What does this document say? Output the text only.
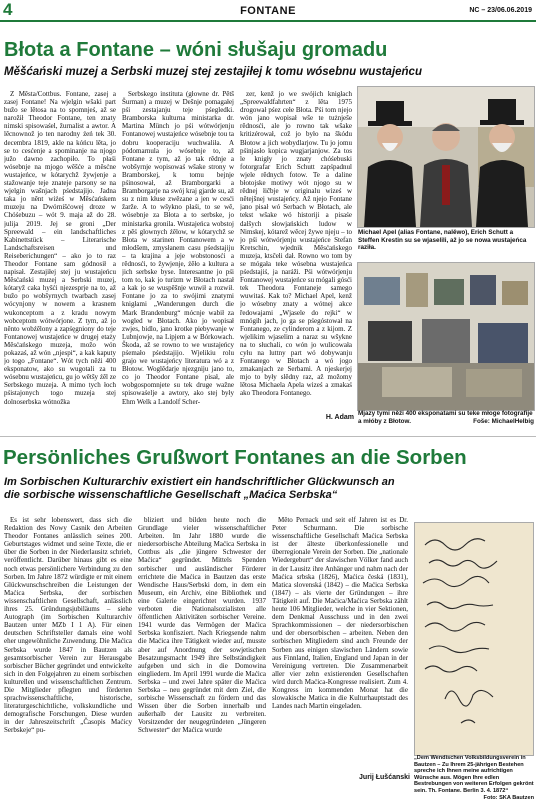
4	FONTANE	NC – 23/06.06.2019
Błota a Fontane – wóni słušaju gromadu
Měšćański muzej a Serbski muzej stej zestajiłej k tomu wósebnu wustajeńcu

Z Města/Cottbus. Fontane, zasej a zasej Fontane! Na wjelgin wšaki part bužo se lětosa na to spomnjeś, až se narožił Theodor Fontane, ten znaty nimski spisowaśel, žurnalist a awtor. A lěcnownož jo ten narodny źeń tek 30. decembra 1819, akle na kóńcu lěta, jo se to cesćenje a spominanje na njogo južo dawno zachopiło. To płaśi wósebnje na mjogo wěšće a měsćne wustajeńce, w kótarychž žywjenje a stažowanje teje znateje parsony se na wjelgin wašnjach pśedstajijo. Jadna taka jo něnt wiźeś w Měsćańskem muzeju na Dwórnišćowej droze w Chóśebuzu – wót 9. maja až do 28. julija 2019. Jej se groni „Der Spreewald – ein landschaftliches Kabinettstück – Literarische Landschaftsreisen und Reiseberichungen“ – ako jo to raz Theodor Fontane sam gódnosił a napisał. Zestajiłej stej ju wustajeńcu Měsćański muzej a Serbski muzej, kótaryž caka hyšći njezesprje na to, až bužo po wobšyrnych twarbach zasej wócynjony w nowem a krasnem wukonceptom a z kradu nowym wobceptom wótwórjone. Z tym, až jo něnto wobźělony a zapśęgniony do teje Fontanowej wustajeńce w drugej etaży Měsćańskego muzeja, možo wón pokazaś, až wón „njespi“, a kak kaputy jo togo „Fontane“. Wót tych něźi 400 eksponatow, ako su wugotali za tu wósebnu wustajeńcu, gu jo wětšy źěl ze Serbskego muzeja. A mimo tych łoch pśistajonych togo muzeja stej dolnoserbska wótnožka

Serbskego instituta (głowne dr. Pětš Šurman) a muzej w Dešnje pomagałej pśi zestajanju teje pśegledki. Bramborska kulturna ministarka dr. Martina Münch jo pśi wótwórjenju Fontanowej wustajeńce wósebnje tou ta dobru kooperaciju wuchwaliła. A pódomarnula jo wósebnje to, až Fontane z tym, až jo tak rědnje a wobšyrnje wopisowaś wšake strony w Bramborskej, k tomu bejnje pśinosował, až Bramborgarki a Bramborgarje na swój kraj gjarde su, až su z nim kłuse zwězane a jen w cesći žarže. A to wšykno płaśi, to se wě, wósebnje za Błota a to serbske, jo ministarka gronila. Wustajeńca wobstoj z pěś glownych źělow, w kótarychž se Błota w starinen Fontanowem a w młodšem, zmysłanem casu pśedstajiju – ta krajina a jeje wobstonosći a rědnosći, to žywjenje, źěło a kultura a jich serbske byse. Interesantne jo pśi tom to, kak jo turizm w Błotach nastał a kak jo se wuspěšnje wuwił a rozwił. Fontane jo za to swójimi znatymi knigłami „Wanderungen durch die Mark Brandenburg“ mócnje wabił za wogled w Błotach. Ako jo wopisał zwjes, bidlo, jano krotke piebywanje w Lubnjowje, na Lipjem a w Bórkowach. Škoda, až se rowno to we wustajeńcy pśemało pśedstajijo. Wjelikiu rolu grajo we wustajeńcy literatura wó a z Błotow. Woglědarje njezgniju jano to, co jo Theodor Fontane pisał, ale wobgospomnjete su tek druge wažne spisowaśelje a awtory, ako stej były Ehm Welk a Landolf Scher-

zer, kenž jo we swójich knigłach „Spreewaldfahrten“ z lěta 1975 drogował pśez cełe Błota. Pśi tom njejo wón jano wopisał wše te tużnješe rědnosći, ale jo rowno tak wšake kritizérował, což jo było na škódu Błotow a jich wobydlarjow. Tu jo jomu pśinjasło kopica wugjarjanjow. Za tos le knigły jo znaty chóśebuski fotorgrafar Erich Schutt zapśpadnul wjele rědnych fotow. Te a daline błotojske motiwy wót njogo su w rědnej łičbje w originalu wiześ w nětejšnej wustajeńcy. Až njejo Fontane jano pisał wó Serbach w Błotach, ale tekst wšake wó historiji a pisaśe dalšych słowjańskich ludow w Nimskej, kótarež wěcej žywe njeju – to jo pśi wótwórjenju wustajeńce Stefan Kretschin, wjednik Měsćańskego muzeja, ktsčeli dał. Rowno wo tom by se mógała teke wósebna wustajeńca pśedstajiś, ja naráži. Pśi wótwórjenju Fontanowej wustajeńce su mógali gósći tek Theodora Fontaneje samego wuwitaś. Kak to? Michael Apel, kenž jo wósebny znaty a wótnej akce ředowajami „Wjasele do rejki“ w mnógih jach, jo ga se pśegóstował na Fontanego, ze cylinderom a z kijom. Z wjelikim wjaselim a naraz su wšykne na to słuchali, co wón jo wulicowała cyłu na luttny part wó dobywanju Fontanego w Błotach a wó jogo zmakanjach ze Serbami. A njeskerjej mjo to były slědny raz, až možomy lětosa Michaela Apela wiześ a zmakaś ako Theodora Fontanego.

H. Adam
Michael Apel (alias Fontane, nalěwo), Erich Schutt a Steffen Krestin su se wjaselili, až jo se nowa wustajeńca raziła.
Mjazy tymi něźi 400 eksponatami su teke młoge fotografije a młóby z Błotow.	Foše: MichaelHelbig
Persönliches Grußwort Fontanes an die Sorben
Im Sorbischen Kulturarchiv existiert ein handschriftlicher Glückwunsch an die sorbische wissenschaftliche Gesellschaft „Maćica Serbska“

Es ist sehr lobenswert, dass sich die Redaktion des Nowy Casnik den Arbeiten Theodor Fontanes anlässlich seines 200. Geburtstages widmet und seine Texte, die er über die Sorben in der Niederlausitz schrieb, veröffentlicht. Darüber hinaus gibt es eine noch etwas persönlichere Verbindung zu den Sorben. Im Jahre 1872 würdigte er mit einem Glückwunschschreiben die Leistungen der Maćica Serbska, der sorbischen wissenschaftlichen Gesellschaft, anlässlich ihres 25. Gründungsjubiläums – siehe Autograph (im Sorbischen Kulturarchiv Bautzen unter MZb I 1 A). Für einen deutschen Schriftsteller damals eine wohl eher ungewöhnliche Zuwendung. Die Maćica Serbska wurde 1847 in Bautzen als gesamtsorbischer Verein zur Herausgabe sorbischer Bücher gegründet und entwickelte sich in den Folgejahren zu einem sorbischen kulturellen und wissenschaftlichen Zentrum. Die Mitglieder pflegten und förderten sprachwissenschaftliche, historische, literaturgeschichtliche, volkskundliche und demografische Forschungen. Diese wurden in der Jahreszeitschrift „Časopis Maćicy Serbskeje“ pu-

bliziert und bilden heute noch die Grundlage vieler wissenschaftlicher Arbeiten. Im Jahr 1880 wurde die niedersorbische Abteilung Maćica Serbska in Cottbus als „die jüngere Schwester der Maćica“ gegründet. Mittels Spenden sorbischer und ausländischer Förderer errichtete die Maćica in Bautzen das erste Wendische Haus/Serbski dom, in dem ein Museum, ein Archiv, eine Bibliothek und eine Galerie eingerichtet wurden. 1937 verboten die Nationalsozialisten alle öffentlichen Aktivitäten sorbischer Vereine. 1941 wurde das Vermögen der Maćica Serbska konfisziert. Nach Kriegsende nahm die Maćica ihre Tätigkeit wieder auf, musste aber auf Anordnung der sowjetischen Besatzungsmacht 1949 ihre Selbständigkeit aufgeben und sich in die Domowina eingliedern. Im April 1991 wurde die Maćica Serbska – und zwei Jahre später die Maćica Serbska – neu gegründet mit dem Ziel, die sorbische Wissenschaft zu fördern und das Wissen über die Sorben innerhalb und außerhalb der Lausitz zu verbreiten. Vorsitzender der neugegründeten „Jüngeren Schwester“ der Maćica wurde

Měto Pernack und seit elf Jahren ist es Dr. Peter Schurmann. Die sorbische wissenschaftliche Gesellschaft Maćica Serbska ist der älteste überkonfessionelle und überregionale Verein der Sorben. Die „nationale Wiedergeburt“ der slawischen Völker fand auch in der Lausitz ihre Anhänger und nahm nach der Maćica srbska (1826), Maćica česká (1831), Matica slovenská (1842) – die Maćica Serbska (1847) – als vierte der Gründungen – ihre Tätigkeit auf. Die Maćica/Maćica Serbska zählt heute 106 Mitglieder, welche in vier Sektionen, dem Denkmal Ausschuss und in den zwei Sprachkommissionen – der niedersorbischen und der obersorbischen – arbeiten. Neben den sorbischen Mitgliedern sind auch Freunde der Sorben aus einigen slawischen Ländern sowie aus Finnland, Italien, England und Japan in der Vereinigung vertreten. Die Zusammenarbeit aller vier zehn existierenden Gesellschaften wird durch Maćica-Kongresse realisiert. Zum 4. Kongress im kommenden Monat hat die slowakische Matica in die Kulturhauptstadt des Landes nach Martin eingeladen.

Jurij Łušćanski
„Dem Wendischen Volksbildungsverein in Bautzen – Zu Ihrem 25-jährigen Bestehen spreche ich Ihnen meine aufrichtigen Wünsche aus. Mögen Ihre edlen Bestrebungen von weiteren Erfolgen gekrönt sein. Th. Fontane. Berlin 3. 4. 1872“
Foto: SKA Bautzen
